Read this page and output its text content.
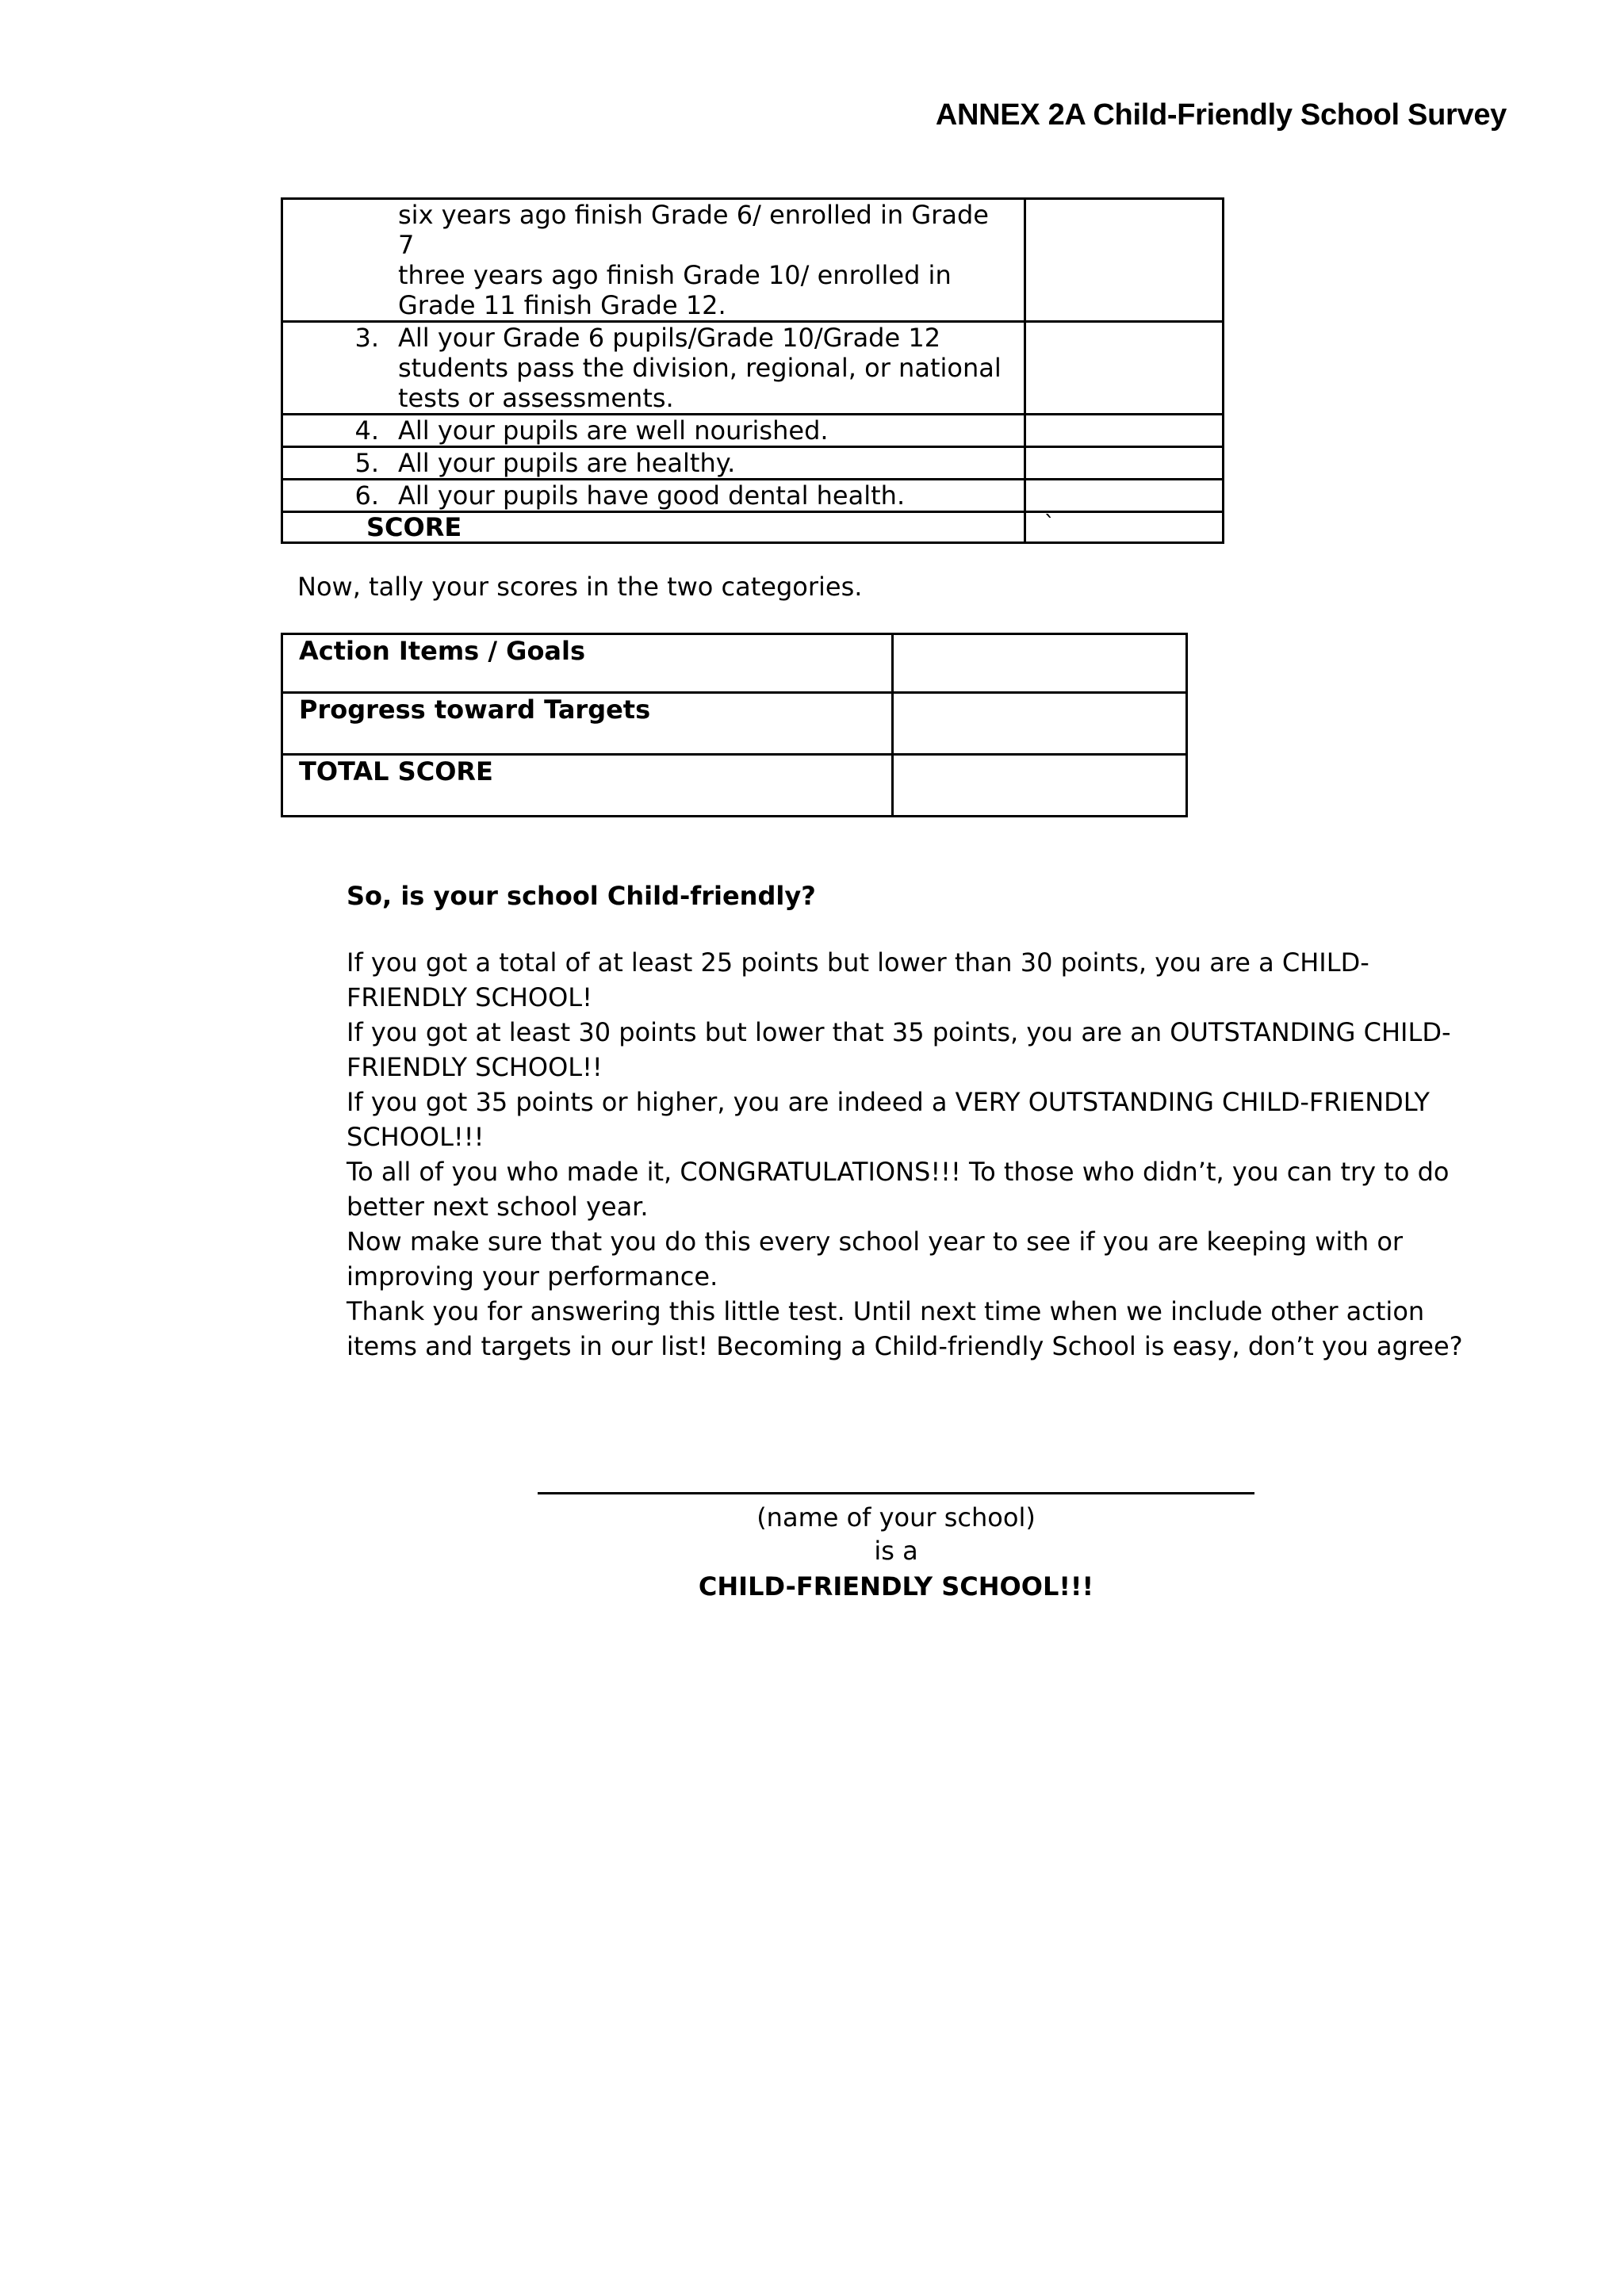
ANNEX 2A Child-Friendly School Survey
six years ago finish Grade 6/ enrolled in Grade 7
three years ago finish Grade 10/ enrolled in
Grade 11 finish Grade 12.	

3. All your Grade 6 pupils/Grade 10/Grade 12
students pass the division, regional, or national
tests or assessments.	

4. All your pupils are well nourished.	

5. All your pupils are healthy.	

6. All your pupils have good dental health.	

SCORE	`
Now, tally your scores in the two categories.
Action Items / Goals	
Progress toward Targets	
TOTAL SCORE	
So, is your school Child-friendly?

If you got a total of at least 25 points but lower than 30 points, you are a CHILD-FRIENDLY SCHOOL!

If you got at least 30 points but lower that 35 points, you are an OUTSTANDING CHILD-FRIENDLY SCHOOL!!

If you got 35 points or higher, you are indeed a VERY OUTSTANDING CHILD-FRIENDLY SCHOOL!!!

To all of you who made it, CONGRATULATIONS!!! To those who didn’t, you can try to do better next school year.

Now make sure that you do this every school year to see if you are keeping with or improving your performance.

Thank you for answering this little test. Until next time when we include other action items and targets in our list! Becoming a Child-friendly School is easy, don’t you agree?

(name of your school)
is a
CHILD-FRIENDLY SCHOOL!!!
